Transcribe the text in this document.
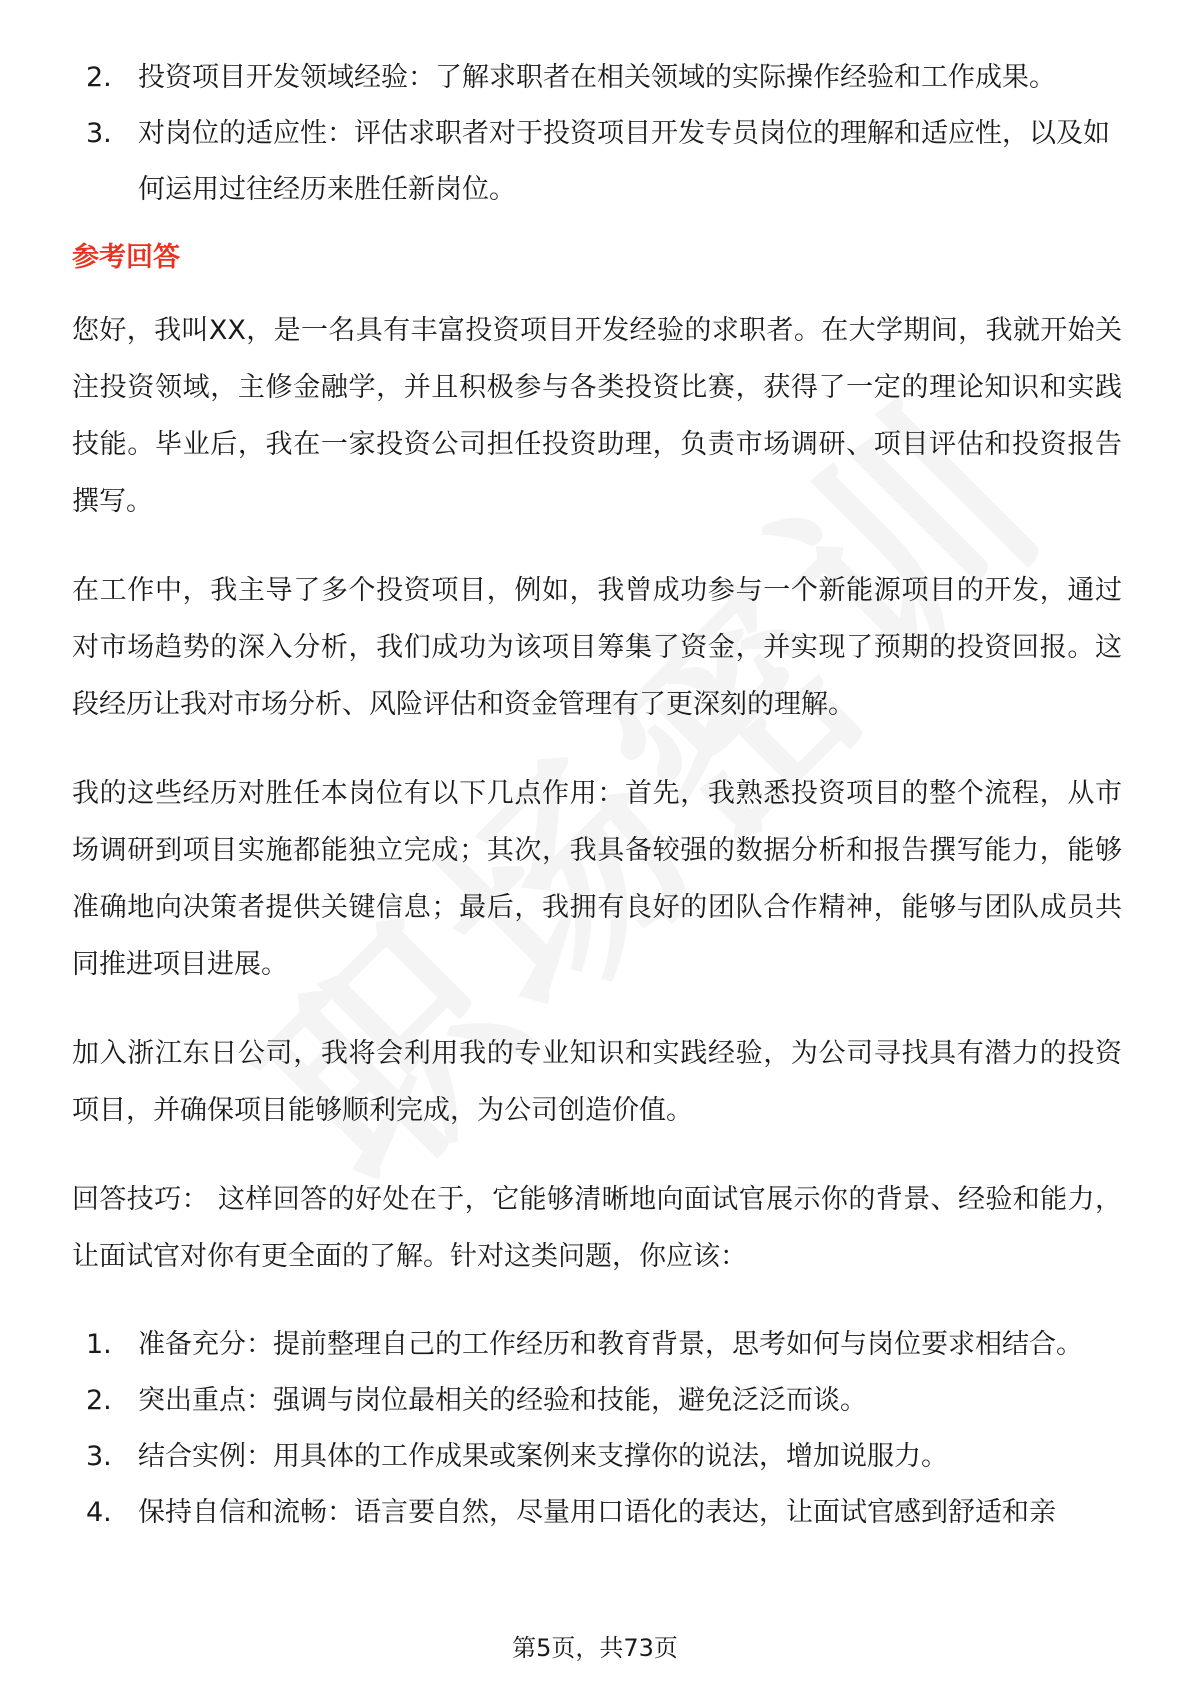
2. 投资项目开发领域经验：了解求职者在相关领域的实际操作经验和工作成果。
3. 对岗位的适应性：评估求职者对于投资项目开发专员岗位的理解和适应性，以及如何运用过往经历来胜任新岗位。
参考回答

您好，我叫XX，是一名具有丰富投资项目开发经验的求职者。在大学期间，我就开始关注投资领域，主修金融学，并且积极参与各类投资比赛，获得了一定的理论知识和实践技能。毕业后，我在一家投资公司担任投资助理，负责市场调研、项目评估和投资报告撰写。

在工作中，我主导了多个投资项目，例如，我曾成功参与一个新能源项目的开发，通过对市场趋势的深入分析，我们成功为该项目筹集了资金，并实现了预期的投资回报。这段经历让我对市场分析、风险评估和资金管理有了更深刻的理解。

我的这些经历对胜任本岗位有以下几点作用：首先，我熟悉投资项目的整个流程，从市场调研到项目实施都能独立完成；其次，我具备较强的数据分析和报告撰写能力，能够准确地向决策者提供关键信息；最后，我拥有良好的团队合作精神，能够与团队成员共同推进项目进展。

加入浙江东日公司，我将会利用我的专业知识和实践经验，为公司寻找具有潜力的投资项目，并确保项目能够顺利完成，为公司创造价值。

回答技巧： 这样回答的好处在于，它能够清晰地向面试官展示你的背景、经验和能力，让面试官对你有更全面的了解。针对这类问题，你应该：

1. 准备充分：提前整理自己的工作经历和教育背景，思考如何与岗位要求相结合。
2. 突出重点：强调与岗位最相关的经验和技能，避免泛泛而谈。
3. 结合实例：用具体的工作成果或案例来支撑你的说法，增加说服力。
4. 保持自信和流畅：语言要自然，尽量用口语化的表达，让面试官感到舒适和亲
第5页，共73页
